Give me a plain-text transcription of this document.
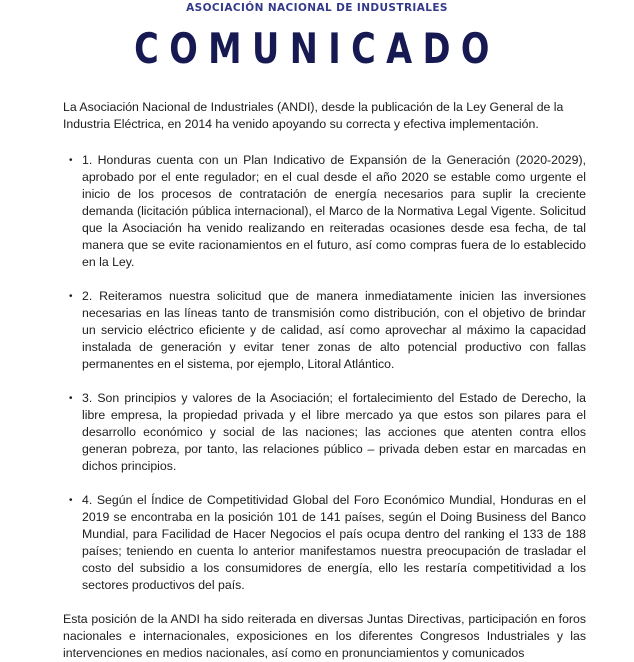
ASOCIACIÓN NACIONAL DE INDUSTRIALES
COMUNICADO

La Asociación Nacional de Industriales (ANDI), desde la publicación de la Ley General de la Industria Eléctrica, en 2014 ha venido apoyando su correcta y efectiva implementación.

• 1. Honduras cuenta con un Plan Indicativo de Expansión de la Generación (2020-2029), aprobado por el ente regulador; en el cual desde el año 2020 se estable como urgente el inicio de los procesos de contratación de energía necesarios para suplir la creciente demanda (licitación pública internacional), el Marco de la Normativa Legal Vigente. Solicitud que la Asociación ha venido realizando en reiteradas ocasiones desde esa fecha, de tal manera que se evite racionamientos en el futuro, así como compras fuera de lo establecido en la Ley.
• 2. Reiteramos nuestra solicitud que de manera inmediatamente inicien las inversiones necesarias en las líneas tanto de transmisión como distribución, con el objetivo de brindar un servicio eléctrico eficiente y de calidad, así como aprovechar al máximo la capacidad instalada de generación y evitar tener zonas de alto potencial productivo con fallas permanentes en el sistema, por ejemplo, Litoral Atlántico.
• 3. Son principios y valores de la Asociación; el fortalecimiento del Estado de Derecho, la libre empresa, la propiedad privada y el libre mercado ya que estos son pilares para el desarrollo económico y social de las naciones; las acciones que atenten contra ellos generan pobreza, por tanto, las relaciones público – privada deben estar en marcadas en dichos principios.
• 4. Según el Índice de Competitividad Global del Foro Económico Mundial, Honduras en el 2019 se encontraba en la posición 101 de 141 países, según el Doing Business del Banco Mundial, para Facilidad de Hacer Negocios el país ocupa dentro del ranking el 133 de 188 países; teniendo en cuenta lo anterior manifestamos nuestra preocupación de trasladar el costo del subsidio a los consumidores de energía, ello les restaría competitividad a los sectores productivos del país.

Esta posición de la ANDI ha sido reiterada en diversas Juntas Directivas, participación en foros nacionales e internacionales, exposiciones en los diferentes Congresos Industriales y las intervenciones en medios nacionales, así como en pronunciamientos y comunicados
